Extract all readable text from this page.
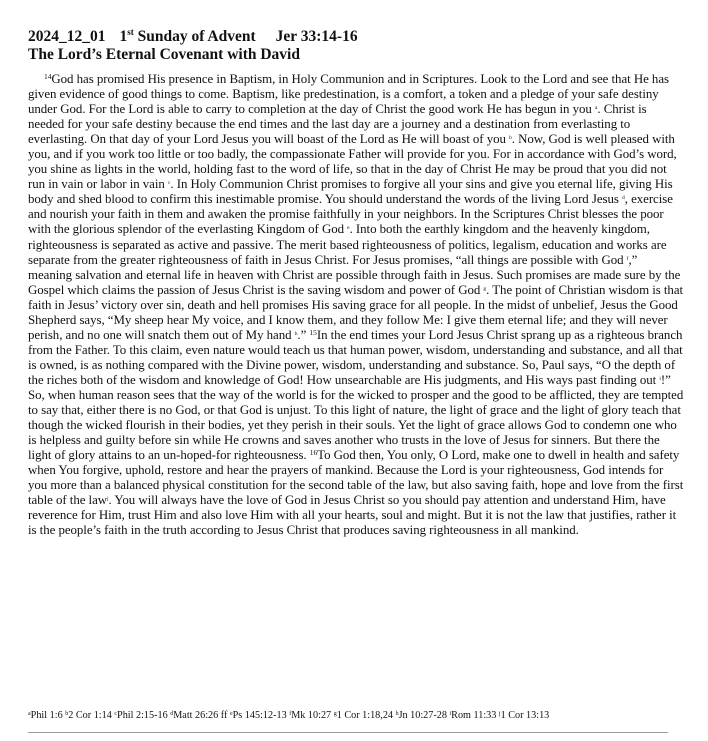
2024_12_01 1st Sunday of Advent Jer 33:14-16
The Lord’s Eternal Covenant with David
$^{14}$God has promised His presence in Baptism, in Holy Communion and in Scriptures. Look to the Lord and see that He has given evidence of good things to come. Baptism, like predestination, is a comfort, a token and a pledge of your safe destiny under God. For the Lord is able to carry to completion at the day of Christ the good work He has begun in you $^a$. Christ is needed for your safe destiny because the end times and the last day are a journey and a destination from everlasting to everlasting. On that day of your Lord Jesus you will boast of the Lord as He will boast of you $^b$. Now, God is well pleased with you, and if you work too little or too badly, the compassionate Father will provide for you. For in accordance with God’s word, you shine as lights in the world, holding fast to the word of life, so that in the day of Christ He may be proud that you did not run in vain or labor in vain $^c$. In Holy Communion Christ promises to forgive all your sins and give you eternal life, giving His body and shed blood to confirm this inestimable promise. You should understand the words of the living Lord Jesus $^d$, exercise and nourish your faith in them and awaken the promise faithfully in your neighbors. In the Scriptures Christ blesses the poor with the glorious splendor of the everlasting Kingdom of God $^e$. Into both the earthly kingdom and the heavenly kingdom, righteousness is separated as active and passive. The merit based righteousness of politics, legalism, education and works are separate from the greater righteousness of faith in Jesus Christ. For Jesus promises, “all things are possible with God $^f$,” meaning salvation and eternal life in heaven with Christ are possible through faith in Jesus. Such promises are made sure by the Gospel which claims the passion of Jesus Christ is the saving wisdom and power of God $^g$. The point of Christian wisdom is that faith in Jesus’ victory over sin, death and hell promises His saving grace for all people. In the midst of unbelief, Jesus the Good Shepherd says, “My sheep hear My voice, and I know them, and they follow Me: I give them eternal life; and they will never perish, and no one will snatch them out of My hand $^h$.” $^{15}$In the end times your Lord Jesus Christ sprang up as a righteous branch from the Father. To this claim, even nature would teach us that human power, wisdom, understanding and substance, and all that is owned, is as nothing compared with the Divine power, wisdom, understanding and substance. So, Paul says, “O the depth of the riches both of the wisdom and knowledge of God! How unsearchable are His judgments, and His ways past finding out $^i$!” So, when human reason sees that the way of the world is for the wicked to prosper and the good to be afflicted, they are tempted to say that, either there is no God, or that God is unjust. To this light of nature, the light of grace and the light of glory teach that though the wicked flourish in their bodies, yet they perish in their souls. Yet the light of grace allows God to condemn one who is helpless and guilty before sin while He crowns and saves another who trusts in the love of Jesus for sinners. But there the light of glory attains to an un-hoped-for righteousness. $^{16}$To God then, You only, O Lord, make one to dwell in health and safety when You forgive, uphold, restore and hear the prayers of mankind. Because the Lord is your righteousness, God intends for you more than a balanced physical constitution for the second table of the law, but also saving faith, hope and love from the first table of the law$^j$. You will always have the love of God in Jesus Christ so you should pay attention and understand Him, have reverence for Him, trust Him and also love Him with all your hearts, soul and might. But it is not the law that justifies, rather it is the people’s faith in the truth according to Jesus Christ that produces saving righteousness in all mankind.
$^a$Phil 1:6 $^b$2 Cor 1:14 $^c$Phil 2:15-16 $^d$Matt 26:26 ff $^e$Ps 145:12-13 $^f$Mk 10:27 $^g$1 Cor 1:18,24 $^h$Jn 10:27-28 $^i$Rom 11:33 $^j$1 Cor 13:13
